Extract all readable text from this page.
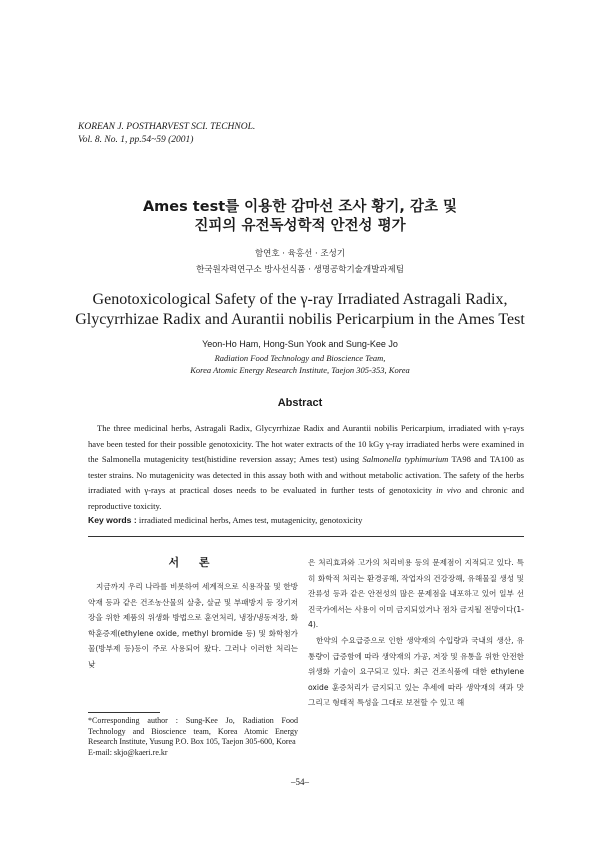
KOREAN J. POSTHARVEST SCI. TECHNOL.
Vol. 8. No. 1, pp.54~59 (2001)
Ames test를 이용한 감마선 조사 황기, 감초 및
진피의 유전독성학적 안전성 평가
함연호 · 육홍선 · 조성기
한국원자력연구소 방사선식품 · 생명공학기술개발과제팀
Genotoxicological Safety of the γ-ray Irradiated Astragali Radix,
Glycyrrhizae Radix and Aurantii nobilis Pericarpium in the Ames Test
Yeon-Ho Ham, Hong-Sun Yook and Sung-Kee Jo
Radiation Food Technology and Bioscience Team,
Korea Atomic Energy Research Institute, Taejon 305-353, Korea
Abstract

The three medicinal herbs, Astragali Radix, Glycyrrhizae Radix and Aurantii nobilis Pericarpium, irradiated with γ-rays have been tested for their possible genotoxicity. The hot water extracts of the 10 kGy γ-ray irradiated herbs were examined in the Salmonella mutagenicity test(histidine reversion assay; Ames test) using Salmonella typhimurium TA98 and TA100 as tester strains. No mutagenicity was detected in this assay both with and without metabolic activation. The safety of the herbs irradiated with γ-rays at practical doses needs to be evaluated in further tests of genotoxicity in vivo and chronic and reproductive toxicity.

Key words : irradiated medicinal herbs, Ames test, mutagenicity, genotoxicity
서 론

지금까지 우리 나라를 비롯하여 세계적으로 식용작물 및 한방약재 등과 같은 건조농산물의 살충, 살균 및 부패방지 등 장기저장을 위한 제품의 위생화 방법으로 훈연처리, 냉장/냉동저장, 화학훈증제(ethylene oxide, methyl bromide 등) 및 화학첨가물(방부제 등)등이 주로 사용되어 왔다. 그러나 이러한 처리는 낮

은 처리효과와 고가의 처리비용 등의 문제점이 지적되고 있다. 특히 화학적 처리는 환경공해, 작업자의 건강장해, 유해물질 생성 및 잔류성 등과 같은 안전성의 많은 문제점을 내포하고 있어 일부 선진국가에서는 사용이 이미 금지되었거나 점차 금지될 전망이다(1-4).

한약의 수요급증으로 인한 생약재의 수입량과 국내의 생산, 유통량이 급증함에 따라 생약재의 가공, 저장 및 유통을 위한 안전한 위생화 기술이 요구되고 있다. 최근 건조식품에 대한 ethylene oxide 훈증처리가 금지되고 있는 추세에 따라 생약재의 색과 맛 그리고 형태적 특성을 그대로 보전할 수 있고 해

*Corresponding author : Sung-Kee Jo, Radiation Food Technology and Bioscience team, Korea Atomic Energy Research Institute, Yusung P.O. Box 105, Taejon 305-600, Korea
E-mail: skjo@kaeri.re.kr

–54–
